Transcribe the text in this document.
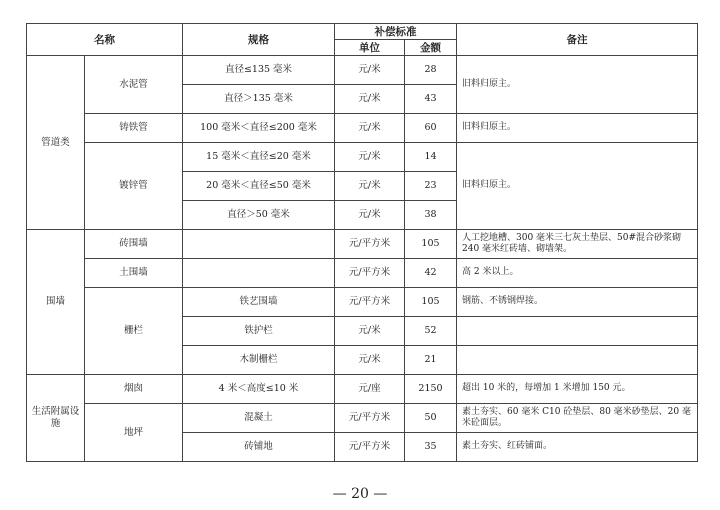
名称		规格	补偿标准		备注
			单位	金额	
管道类	水泥管	直径≤135 毫米	元/米	28	旧料归原主。
		直径＞135 毫米	元/米	43	
	铸铁管	100 毫米＜直径≤200 毫米	元/米	60	旧料归原主。
	镀锌管	15 毫米＜直径≤20 毫米	元/米	14	旧料归原主。
		20 毫米＜直径≤50 毫米	元/米	23	
		直径＞50 毫米	元/米	38	
围墙	砖围墙		元/平方米	105	人工挖地槽、300 毫米三七灰土垫层、50#混合砂浆砌 240 毫米红砖墙、砌墙架。
	土围墙		元/平方米	42	高 2 米以上。
	栅栏	铁艺围墙	元/平方米	105	钢筋、不锈钢焊接。
		铁护栏	元/米	52	
		木制栅栏	元/米	21	
生活附属设施	烟囱	4 米＜高度≤10 米	元/座	2150	超出 10 米的，每增加 1 米增加 150 元。
	地坪	混凝土	元/平方米	50	素土夯实、60 毫米 C10 砼垫层、80 毫米砂垫层、20 毫米砼面层。
		砖铺地	元/平方米	35	素土夯实、红砖铺面。
— 20 —
